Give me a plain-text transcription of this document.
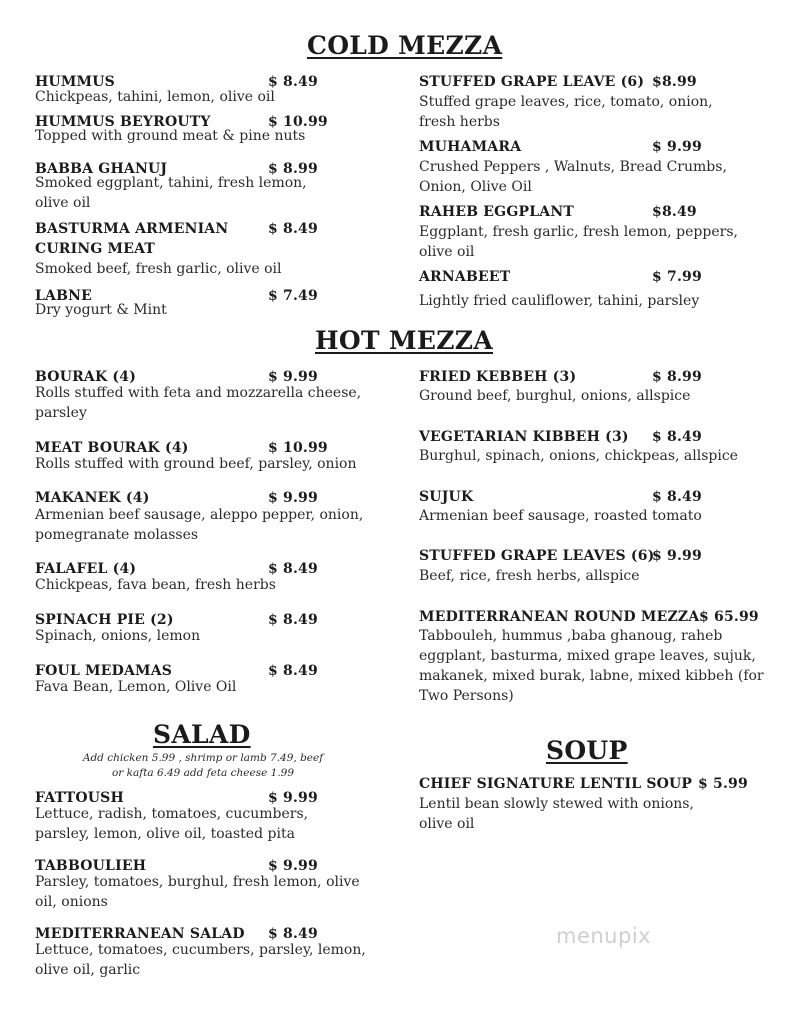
COLD MEZZA
HOT MEZZA
SALAD
SOUP
Add chicken 5.99 , shrimp or lamb 7.49, beef or kafta 6.49 add feta cheese 1.99
HUMMUS	$ 8.49
Chickpeas, tahini, lemon, olive oil
HUMMUS BEYROUTY	$ 10.99
Topped with ground meat & pine nuts
BABBA GHANUJ	$ 8.99
Smoked eggplant, tahini, fresh lemon, olive oil
BASTURMA ARMENIAN CURING MEAT
$ 8.49
Smoked beef, fresh garlic, olive oil
LABNE	$ 7.49
Dry yogurt & Mint
STUFFED GRAPE LEAVE (6) $8.99
Stuffed grape leaves, rice, tomato, onion, fresh herbs
MUHAMARA	$ 9.99
Crushed Peppers , Walnuts, Bread Crumbs, Onion, Olive Oil
RAHEB EGGPLANT	$8.49
Eggplant, fresh garlic, fresh lemon, peppers, olive oil
ARNABEET	$ 7.99
Lightly fried cauliflower, tahini, parsley
BOURAK (4)	$ 9.99
Rolls stuffed with feta and mozzarella cheese, parsley
MEAT BOURAK (4)	$ 10.99
Rolls stuffed with ground beef, parsley, onion
MAKANEK (4)	$ 9.99
Armenian beef sausage, aleppo pepper, onion, pomegranate molasses
FALAFEL (4)	$ 8.49
Chickpeas, fava bean, fresh herbs
SPINACH PIE (2)	$ 8.49
Spinach, onions, lemon
FOUL MEDAMAS	$ 8.49
Fava Bean, Lemon, Olive Oil
FRIED KEBBEH (3)	$ 8.99
Ground beef, burghul, onions, allspice
VEGETARIAN KIBBEH (3) $ 8.49
Burghul, spinach, onions, chickpeas, allspice
SUJUK	$ 8.49
Armenian beef sausage, roasted tomato
STUFFED GRAPE LEAVES (6)
$ 9.99
Beef, rice, fresh herbs, allspice
MEDITERRANEAN ROUND MEZZA $ 65.99
Tabbouleh, hummus ,baba ghanoug, raheb eggplant, basturma, mixed grape leaves, sujuk, makanek, mixed burak, labne, mixed kibbeh (for Two Persons)
FATTOUSH	$ 9.99
Lettuce, radish, tomatoes, cucumbers, parsley, lemon, olive oil, toasted pita
TABBOULIEH	$ 9.99
Parsley, tomatoes, burghul, fresh lemon, olive oil, onions
MEDITERRANEAN SALAD $ 8.49
Lettuce, tomatoes, cucumbers, parsley, lemon, olive oil, garlic
CHIEF SIGNATURE LENTIL SOUP $ 5.99
Lentil bean slowly stewed with onions, olive oil
menupix
